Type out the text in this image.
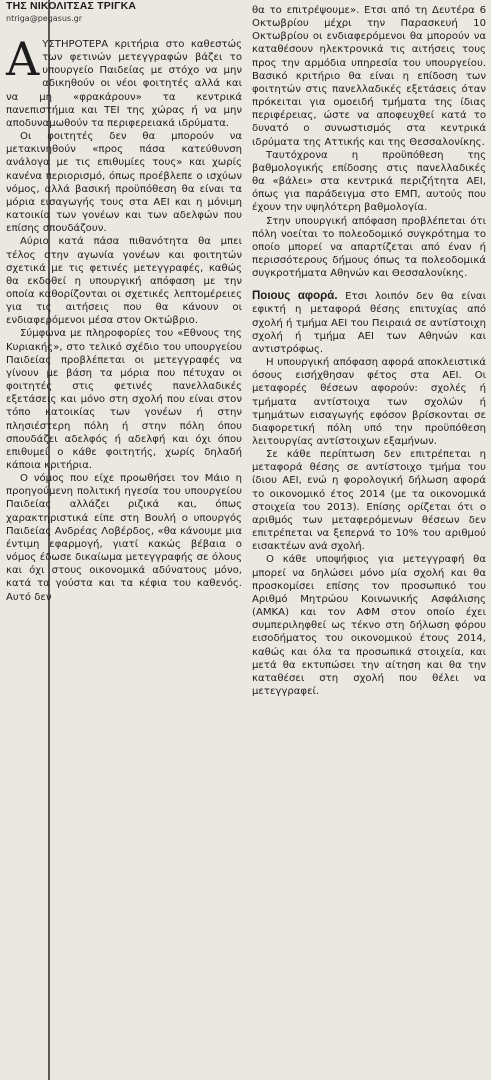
ΤΗΣ ΝΙΚΟΛΙΤΣΑΣ ΤΡΙΓΚΑ
ntriga@pegasus.gr

ΑΥΣΤΗΡΟΤΕΡΑ κριτήρια στο καθεστώς των φετινών μετεγγραφών βάζει το υπουργείο Παιδείας με στόχο να μην αδικηθούν οι νέοι φοιτητές αλλά και να μη «φρακάρουν» τα κεντρικά πανεπιστήμια και ΤΕΙ της χώρας ή να μην αποδυναμωθούν τα περιφερειακά ιδρύματα.

Οι φοιτητές δεν θα μπορούν να μετακινηθούν «προς πάσα κατεύθυνση ανάλογα με τις επιθυμίες τους» και χωρίς κανένα περιορισμό, όπως προέβλεπε ο ισχύων νόμος, αλλά βασική προϋπόθεση θα είναι τα μόρια εισαγωγής τους στα ΑΕΙ και η μόνιμη κατοικία των γονέων και των αδελφών που επίσης σπουδάζουν.

Αύριο κατά πάσα πιθανότητα θα μπει τέλος στην αγωνία γονέων και φοιτητών σχετικά με τις φετινές μετεγγραφές, καθώς θα εκδοθεί η υπουργική απόφαση με την οποία καθορίζονται οι σχετικές λεπτομέρειες για τις αιτήσεις που θα κάνουν οι ενδιαφερόμενοι μέσα στον Οκτώβριο.

Σύμφωνα με πληροφορίες του «Εθνους της Κυριακής», στο τελικό σχέδιο του υπουργείου Παιδείας προβλέπεται οι μετεγγραφές να γίνουν με βάση τα μόρια που πέτυχαν οι φοιτητές στις φετινές πανελλαδικές εξετάσεις και μόνο στη σχολή που είναι στον τόπο κατοικίας των γονέων ή στην πλησιέστερη πόλη ή στην πόλη όπου σπουδάζει αδελφός ή αδελφή και όχι όπου επιθυμεί ο κάθε φοιτητής, χωρίς δηλαδή κάποια κριτήρια.

Ο νόμος που είχε προωθήσει τον Μάιο η προηγούμενη πολιτική ηγεσία του υπουργείου Παιδείας αλλάζει ριζικά και, όπως χαρακτηριστικά είπε στη Βουλή ο υπουργός Παιδείας Ανδρέας Λοβέρδος, «θα κάνουμε μια έντιμη εφαρμογή, γιατί κακώς βέβαια ο νόμος έδωσε δικαίωμα μετεγγραφής σε όλους και όχι στους οικονομικά αδύνατους μόνο, κατά τα γούστα και τα κέφια του καθενός. Αυτό δεν

θα το επιτρέψουμε». Ετσι από τη Δευτέρα 6 Οκτωβρίου μέχρι την Παρασκευή 10 Οκτωβρίου οι ενδιαφερόμενοι θα μπορούν να καταθέσουν ηλεκτρονικά τις αιτήσεις τους προς την αρμόδια υπηρεσία του υπουργείου. Βασικό κριτήριο θα είναι η επίδοση των φοιτητών στις πανελλαδικές εξετάσεις όταν πρόκειται για ομοειδή τμήματα της ίδιας περιφέρειας, ώστε να αποφευχθεί κατά το δυνατό ο συνωστισμός στα κεντρικά ιδρύματα της Αττικής και της Θεσσαλονίκης.

Ταυτόχρονα η προϋπόθεση της βαθμολογικής επίδοσης στις πανελλαδικές θα «βάλει» στα κεντρικά περιζήτητα ΑΕΙ, όπως για παράδειγμα στο ΕΜΠ, αυτούς που έχουν την υψηλότερη βαθμολογία.

Στην υπουργική απόφαση προβλέπεται ότι πόλη νοείται το πολεοδομικό συγκρότημα το οποίο μπορεί να απαρτίζεται από έναν ή περισσότερους δήμους όπως τα πολεοδομικά συγκροτήματα Αθηνών και Θεσσαλονίκης.

Ποιους αφορά. Ετσι λοιπόν δεν θα είναι εφικτή η μεταφορά θέσης επιτυχίας από σχολή ή τμήμα ΑΕΙ του Πειραιά σε αντίστοιχη σχολή ή τμήμα ΑΕΙ των Αθηνών και αντιστρόφως.

Η υπουργική απόφαση αφορά αποκλειστικά όσους εισήχθησαν φέτος στα ΑΕΙ. Οι μεταφορές θέσεων αφορούν: σχολές ή τμήματα αντίστοιχα των σχολών ή τμημάτων εισαγωγής εφόσον βρίσκονται σε διαφορετική πόλη υπό την προϋπόθεση λειτουργίας αντίστοιχων εξαμήνων.

Σε κάθε περίπτωση δεν επιτρέπεται η μεταφορά θέσης σε αντίστοιχο τμήμα του ίδιου ΑΕΙ, ενώ η φορολογική δήλωση αφορά το οικονομικό έτος 2014 (με τα οικονομικά στοιχεία του 2013). Επίσης ορίζεται ότι ο αριθμός των μεταφερόμενων θέσεων δεν επιτρέπεται να ξεπερνά το 10% του αριθμού εισακτέων ανά σχολή.

Ο κάθε υποψήφιος για μετεγγραφή θα μπορεί να δηλώσει μόνο μία σχολή και θα προσκομίσει επίσης τον προσωπικό του Αριθμό Μητρώου Κοινωνικής Ασφάλισης (ΑΜΚΑ) και τον ΑΦΜ στον οποίο έχει συμπεριληφθεί ως τέκνο στη δήλωση φόρου εισοδήματος του οικονομικού έτους 2014, καθώς και όλα τα προσωπικά στοιχεία, και μετά θα εκτυπώσει την αίτηση και θα την καταθέσει στη σχολή που θέλει να μετεγγραφεί.
